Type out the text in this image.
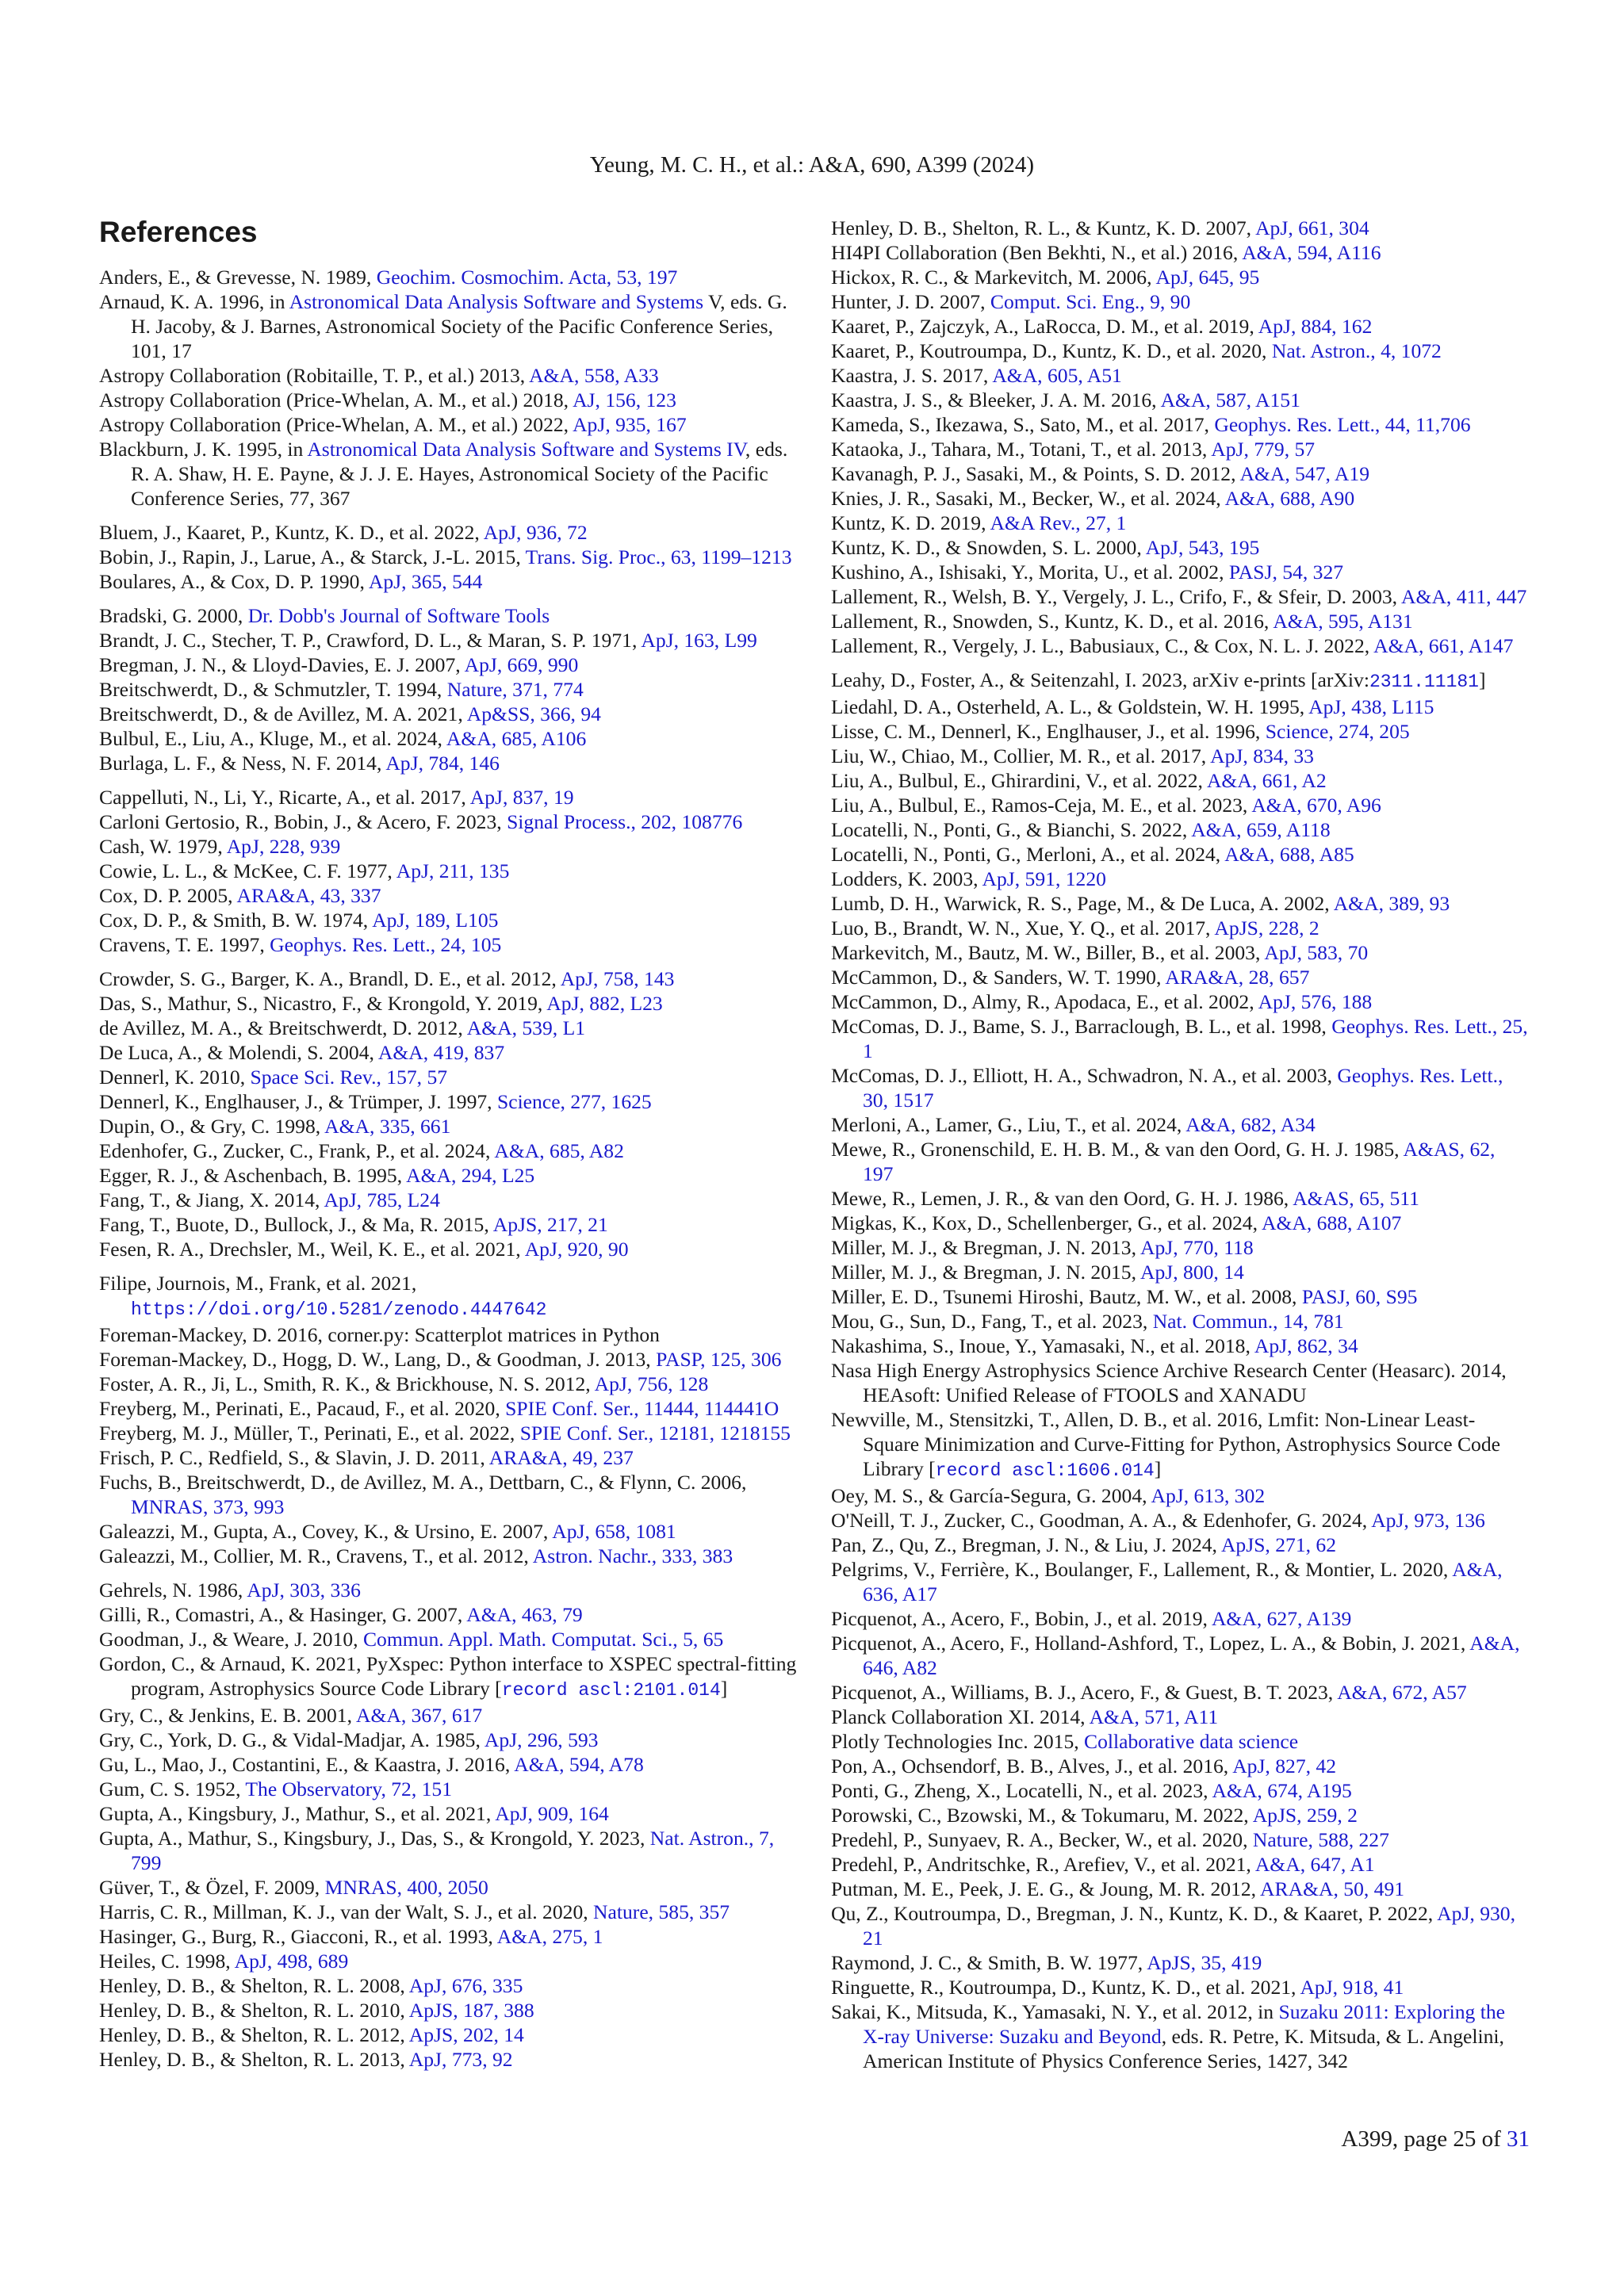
Yeung, M. C. H., et al.: A&A, 690, A399 (2024)
References

Anders, E., & Grevesse, N. 1989, Geochim. Cosmochim. Acta, 53, 197

Arnaud, K. A. 1996, in Astronomical Data Analysis Software and Systems V, eds. G. H. Jacoby, & J. Barnes, Astronomical Society of the Pacific Conference Series, 101, 17

Astropy Collaboration (Robitaille, T. P., et al.) 2013, A&A, 558, A33

Astropy Collaboration (Price-Whelan, A. M., et al.) 2018, AJ, 156, 123

Astropy Collaboration (Price-Whelan, A. M., et al.) 2022, ApJ, 935, 167

Blackburn, J. K. 1995, in Astronomical Data Analysis Software and Systems IV, eds. R. A. Shaw, H. E. Payne, & J. J. E. Hayes, Astronomical Society of the Pacific Conference Series, 77, 367

Bluem, J., Kaaret, P., Kuntz, K. D., et al. 2022, ApJ, 936, 72

Bobin, J., Rapin, J., Larue, A., & Starck, J.-L. 2015, Trans. Sig. Proc., 63, 1199–1213

Boulares, A., & Cox, D. P. 1990, ApJ, 365, 544

Bradski, G. 2000, Dr. Dobb's Journal of Software Tools

Brandt, J. C., Stecher, T. P., Crawford, D. L., & Maran, S. P. 1971, ApJ, 163, L99

Bregman, J. N., & Lloyd-Davies, E. J. 2007, ApJ, 669, 990

Breitschwerdt, D., & Schmutzler, T. 1994, Nature, 371, 774

Breitschwerdt, D., & de Avillez, M. A. 2021, Ap&SS, 366, 94

Bulbul, E., Liu, A., Kluge, M., et al. 2024, A&A, 685, A106

Burlaga, L. F., & Ness, N. F. 2014, ApJ, 784, 146

Cappelluti, N., Li, Y., Ricarte, A., et al. 2017, ApJ, 837, 19

Carloni Gertosio, R., Bobin, J., & Acero, F. 2023, Signal Process., 202, 108776

Cash, W. 1979, ApJ, 228, 939

Cowie, L. L., & McKee, C. F. 1977, ApJ, 211, 135

Cox, D. P. 2005, ARA&A, 43, 337

Cox, D. P., & Smith, B. W. 1974, ApJ, 189, L105

Cravens, T. E. 1997, Geophys. Res. Lett., 24, 105

Crowder, S. G., Barger, K. A., Brandl, D. E., et al. 2012, ApJ, 758, 143

Das, S., Mathur, S., Nicastro, F., & Krongold, Y. 2019, ApJ, 882, L23

de Avillez, M. A., & Breitschwerdt, D. 2012, A&A, 539, L1

De Luca, A., & Molendi, S. 2004, A&A, 419, 837

Dennerl, K. 2010, Space Sci. Rev., 157, 57

Dennerl, K., Englhauser, J., & Trümper, J. 1997, Science, 277, 1625

Dupin, O., & Gry, C. 1998, A&A, 335, 661

Edenhofer, G., Zucker, C., Frank, P., et al. 2024, A&A, 685, A82

Egger, R. J., & Aschenbach, B. 1995, A&A, 294, L25

Fang, T., & Jiang, X. 2014, ApJ, 785, L24

Fang, T., Buote, D., Bullock, J., & Ma, R. 2015, ApJS, 217, 21

Fesen, R. A., Drechsler, M., Weil, K. E., et al. 2021, ApJ, 920, 90

Filipe, Journois, M., Frank, et al. 2021, https://doi.org/10.5281/zenodo.4447642

Foreman-Mackey, D. 2016, corner.py: Scatterplot matrices in Python

Foreman-Mackey, D., Hogg, D. W., Lang, D., & Goodman, J. 2013, PASP, 125, 306

Foster, A. R., Ji, L., Smith, R. K., & Brickhouse, N. S. 2012, ApJ, 756, 128

Freyberg, M., Perinati, E., Pacaud, F., et al. 2020, SPIE Conf. Ser., 11444, 114441O

Freyberg, M. J., Müller, T., Perinati, E., et al. 2022, SPIE Conf. Ser., 12181, 1218155

Frisch, P. C., Redfield, S., & Slavin, J. D. 2011, ARA&A, 49, 237

Fuchs, B., Breitschwerdt, D., de Avillez, M. A., Dettbarn, C., & Flynn, C. 2006, MNRAS, 373, 993

Galeazzi, M., Gupta, A., Covey, K., & Ursino, E. 2007, ApJ, 658, 1081

Galeazzi, M., Collier, M. R., Cravens, T., et al. 2012, Astron. Nachr., 333, 383

Gehrels, N. 1986, ApJ, 303, 336

Gilli, R., Comastri, A., & Hasinger, G. 2007, A&A, 463, 79

Goodman, J., & Weare, J. 2010, Commun. Appl. Math. Computat. Sci., 5, 65

Gordon, C., & Arnaud, K. 2021, PyXspec: Python interface to XSPEC spectral-fitting program, Astrophysics Source Code Library [record ascl:2101.014]

Gry, C., & Jenkins, E. B. 2001, A&A, 367, 617

Gry, C., York, D. G., & Vidal-Madjar, A. 1985, ApJ, 296, 593

Gu, L., Mao, J., Costantini, E., & Kaastra, J. 2016, A&A, 594, A78

Gum, C. S. 1952, The Observatory, 72, 151

Gupta, A., Kingsbury, J., Mathur, S., et al. 2021, ApJ, 909, 164

Gupta, A., Mathur, S., Kingsbury, J., Das, S., & Krongold, Y. 2023, Nat. Astron., 7, 799

Güver, T., & Özel, F. 2009, MNRAS, 400, 2050

Harris, C. R., Millman, K. J., van der Walt, S. J., et al. 2020, Nature, 585, 357

Hasinger, G., Burg, R., Giacconi, R., et al. 1993, A&A, 275, 1

Heiles, C. 1998, ApJ, 498, 689

Henley, D. B., & Shelton, R. L. 2008, ApJ, 676, 335

Henley, D. B., & Shelton, R. L. 2010, ApJS, 187, 388

Henley, D. B., & Shelton, R. L. 2012, ApJS, 202, 14

Henley, D. B., & Shelton, R. L. 2013, ApJ, 773, 92

Henley, D. B., Shelton, R. L., & Kuntz, K. D. 2007, ApJ, 661, 304

HI4PI Collaboration (Ben Bekhti, N., et al.) 2016, A&A, 594, A116

Hickox, R. C., & Markevitch, M. 2006, ApJ, 645, 95

Hunter, J. D. 2007, Comput. Sci. Eng., 9, 90

Kaaret, P., Zajczyk, A., LaRocca, D. M., et al. 2019, ApJ, 884, 162

Kaaret, P., Koutroumpa, D., Kuntz, K. D., et al. 2020, Nat. Astron., 4, 1072

Kaastra, J. S. 2017, A&A, 605, A51

Kaastra, J. S., & Bleeker, J. A. M. 2016, A&A, 587, A151

Kameda, S., Ikezawa, S., Sato, M., et al. 2017, Geophys. Res. Lett., 44, 11,706

Kataoka, J., Tahara, M., Totani, T., et al. 2013, ApJ, 779, 57

Kavanagh, P. J., Sasaki, M., & Points, S. D. 2012, A&A, 547, A19

Knies, J. R., Sasaki, M., Becker, W., et al. 2024, A&A, 688, A90

Kuntz, K. D. 2019, A&A Rev., 27, 1

Kuntz, K. D., & Snowden, S. L. 2000, ApJ, 543, 195

Kushino, A., Ishisaki, Y., Morita, U., et al. 2002, PASJ, 54, 327

Lallement, R., Welsh, B. Y., Vergely, J. L., Crifo, F., & Sfeir, D. 2003, A&A, 411, 447

Lallement, R., Snowden, S., Kuntz, K. D., et al. 2016, A&A, 595, A131

Lallement, R., Vergely, J. L., Babusiaux, C., & Cox, N. L. J. 2022, A&A, 661, A147

Leahy, D., Foster, A., & Seitenzahl, I. 2023, arXiv e-prints [arXiv:2311.11181]

Liedahl, D. A., Osterheld, A. L., & Goldstein, W. H. 1995, ApJ, 438, L115

Lisse, C. M., Dennerl, K., Englhauser, J., et al. 1996, Science, 274, 205

Liu, W., Chiao, M., Collier, M. R., et al. 2017, ApJ, 834, 33

Liu, A., Bulbul, E., Ghirardini, V., et al. 2022, A&A, 661, A2

Liu, A., Bulbul, E., Ramos-Ceja, M. E., et al. 2023, A&A, 670, A96

Locatelli, N., Ponti, G., & Bianchi, S. 2022, A&A, 659, A118

Locatelli, N., Ponti, G., Merloni, A., et al. 2024, A&A, 688, A85

Lodders, K. 2003, ApJ, 591, 1220

Lumb, D. H., Warwick, R. S., Page, M., & De Luca, A. 2002, A&A, 389, 93

Luo, B., Brandt, W. N., Xue, Y. Q., et al. 2017, ApJS, 228, 2

Markevitch, M., Bautz, M. W., Biller, B., et al. 2003, ApJ, 583, 70

McCammon, D., & Sanders, W. T. 1990, ARA&A, 28, 657

McCammon, D., Almy, R., Apodaca, E., et al. 2002, ApJ, 576, 188

McComas, D. J., Bame, S. J., Barraclough, B. L., et al. 1998, Geophys. Res. Lett., 25, 1

McComas, D. J., Elliott, H. A., Schwadron, N. A., et al. 2003, Geophys. Res. Lett., 30, 1517

Merloni, A., Lamer, G., Liu, T., et al. 2024, A&A, 682, A34

Mewe, R., Gronenschild, E. H. B. M., & van den Oord, G. H. J. 1985, A&AS, 62, 197

Mewe, R., Lemen, J. R., & van den Oord, G. H. J. 1986, A&AS, 65, 511

Migkas, K., Kox, D., Schellenberger, G., et al. 2024, A&A, 688, A107

Miller, M. J., & Bregman, J. N. 2013, ApJ, 770, 118

Miller, M. J., & Bregman, J. N. 2015, ApJ, 800, 14

Miller, E. D., Tsunemi Hiroshi, Bautz, M. W., et al. 2008, PASJ, 60, S95

Mou, G., Sun, D., Fang, T., et al. 2023, Nat. Commun., 14, 781

Nakashima, S., Inoue, Y., Yamasaki, N., et al. 2018, ApJ, 862, 34

Nasa High Energy Astrophysics Science Archive Research Center (Heasarc). 2014, HEAsoft: Unified Release of FTOOLS and XANADU

Newville, M., Stensitzki, T., Allen, D. B., et al. 2016, Lmfit: Non-Linear Least-Square Minimization and Curve-Fitting for Python, Astrophysics Source Code Library [record ascl:1606.014]

Oey, M. S., & García-Segura, G. 2004, ApJ, 613, 302

O'Neill, T. J., Zucker, C., Goodman, A. A., & Edenhofer, G. 2024, ApJ, 973, 136

Pan, Z., Qu, Z., Bregman, J. N., & Liu, J. 2024, ApJS, 271, 62

Pelgrims, V., Ferrière, K., Boulanger, F., Lallement, R., & Montier, L. 2020, A&A, 636, A17

Picquenot, A., Acero, F., Bobin, J., et al. 2019, A&A, 627, A139

Picquenot, A., Acero, F., Holland-Ashford, T., Lopez, L. A., & Bobin, J. 2021, A&A, 646, A82

Picquenot, A., Williams, B. J., Acero, F., & Guest, B. T. 2023, A&A, 672, A57

Planck Collaboration XI. 2014, A&A, 571, A11

Plotly Technologies Inc. 2015, Collaborative data science

Pon, A., Ochsendorf, B. B., Alves, J., et al. 2016, ApJ, 827, 42

Ponti, G., Zheng, X., Locatelli, N., et al. 2023, A&A, 674, A195

Porowski, C., Bzowski, M., & Tokumaru, M. 2022, ApJS, 259, 2

Predehl, P., Sunyaev, R. A., Becker, W., et al. 2020, Nature, 588, 227

Predehl, P., Andritschke, R., Arefiev, V., et al. 2021, A&A, 647, A1

Putman, M. E., Peek, J. E. G., & Joung, M. R. 2012, ARA&A, 50, 491

Qu, Z., Koutroumpa, D., Bregman, J. N., Kuntz, K. D., & Kaaret, P. 2022, ApJ, 930, 21

Raymond, J. C., & Smith, B. W. 1977, ApJS, 35, 419

Ringuette, R., Koutroumpa, D., Kuntz, K. D., et al. 2021, ApJ, 918, 41

Sakai, K., Mitsuda, K., Yamasaki, N. Y., et al. 2012, in Suzaku 2011: Exploring the X-ray Universe: Suzaku and Beyond, eds. R. Petre, K. Mitsuda, & L. Angelini, American Institute of Physics Conference Series, 1427, 342

A399, page 25 of 31
